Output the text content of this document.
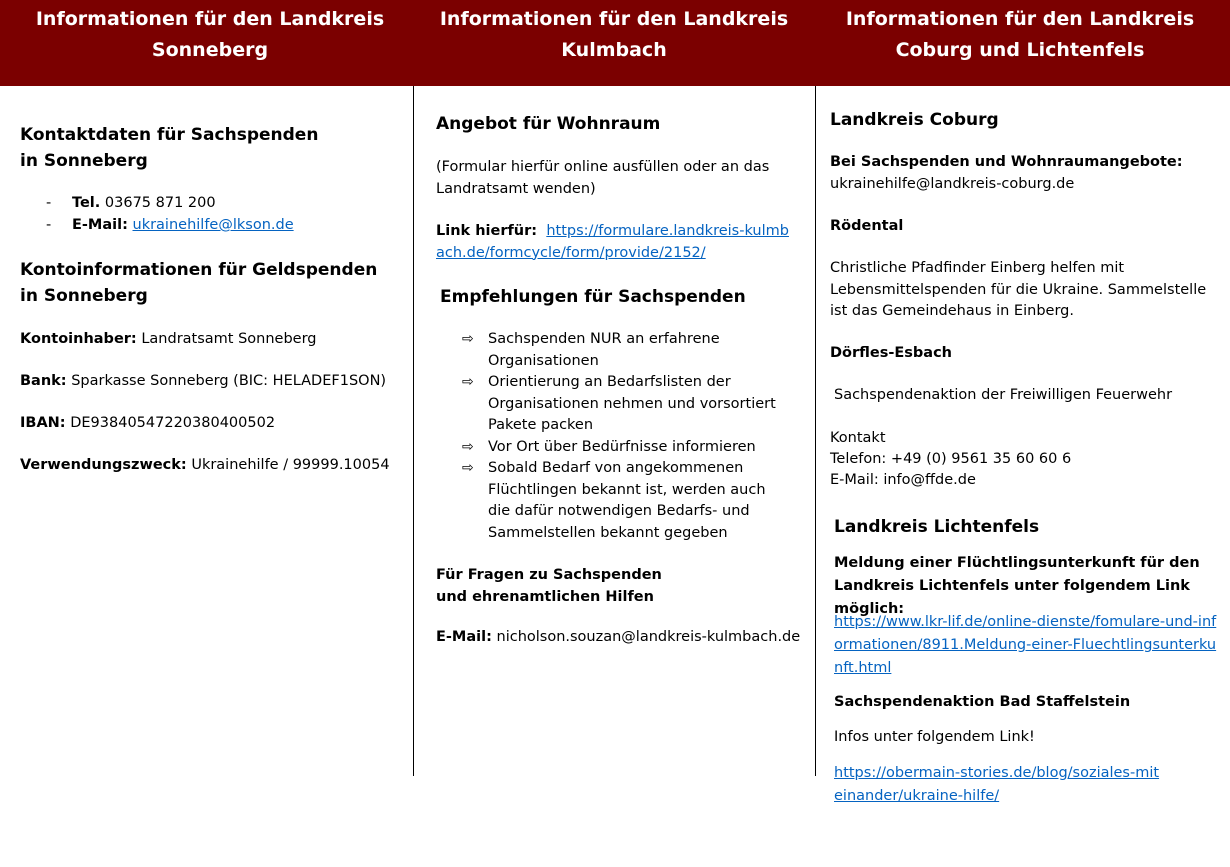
Informationen für den Landkreis Sonneberg
Informationen für den Landkreis Kulmbach
Informationen für den Landkreis Coburg und Lichtenfels
Kontaktdaten für Sachspenden in Sonneberg
- Tel. 03675 871 200
- E-Mail: ukrainehilfe@lkson.de
Kontoinformationen für Geldspenden in Sonneberg
Kontoinhaber: Landratsamt Sonneberg
Bank: Sparkasse Sonneberg (BIC: HELADEF1SON)
IBAN: DE93840547220380400502
Verwendungszweck: Ukrainehilfe / 99999.10054
Angebot für Wohnraum
(Formular hierfür online ausfüllen oder an das Landratsamt wenden)
Link hierfür: https://formulare.landkreis-kulmbach.de/formcycle/form/provide/2152/
Empfehlungen für Sachspenden
⇨ Sachspenden NUR an erfahrene Organisationen
⇨ Orientierung an Bedarfslisten der Organisationen nehmen und vorsortiert Pakete packen
⇨ Vor Ort über Bedürfnisse informieren
⇨ Sobald Bedarf von angekommenen Flüchtlingen bekannt ist, werden auch die dafür notwendigen Bedarfs- und Sammelstellen bekannt gegeben
Für Fragen zu Sachspenden und ehrenamtlichen Hilfen
E-Mail: nicholson.souzan@landkreis-kulmbach.de
Landkreis Coburg
Bei Sachspenden und Wohnraumangebote:
ukrainehilfe@landkreis-coburg.de
Rödental
Christliche Pfadfinder Einberg helfen mit Lebensmittelspenden für die Ukraine. Sammelstelle ist das Gemeindehaus in Einberg.
Dörfles-Esbach
Sachspendenaktion der Freiwilligen Feuerwehr
Kontakt
Telefon: +49 (0) 9561 35 60 60 6
E-Mail: info@ffde.de
Landkreis Lichtenfels
Meldung einer Flüchtlingsunterkunft für den Landkreis Lichtenfels unter folgendem Link möglich:
https://www.lkr-lif.de/online-dienste/fomulare-und-informationen/8911.Meldung-einer-Fluechtlingsunterkunft.html
Sachspendenaktion Bad Staffelstein
Infos unter folgendem Link!
https://obermain-stories.de/blog/soziales-miteinander/ukraine-hilfe/
